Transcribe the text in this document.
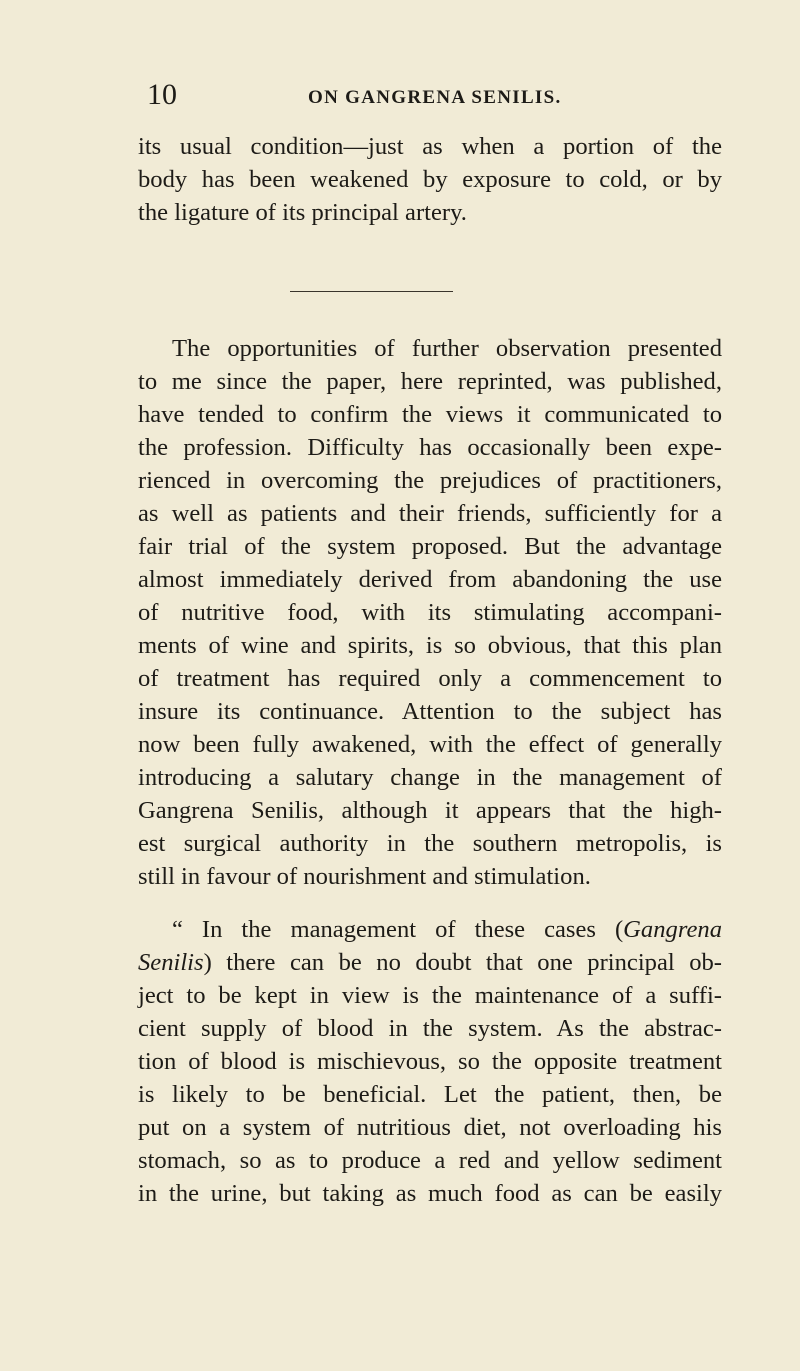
10	ON GANGRENA SENILIS.
its usual condition—just as when a portion of the
body has been weakened by exposure to cold, or by
the ligature of its principal artery.
The opportunities of further observation presented
to me since the paper, here reprinted, was published,
have tended to confirm the views it communicated to
the profession. Difficulty has occasionally been expe-
rienced in overcoming the prejudices of practitioners,
as well as patients and their friends, sufficiently for a
fair trial of the system proposed. But the advantage
almost immediately derived from abandoning the use
of nutritive food, with its stimulating accompani-
ments of wine and spirits, is so obvious, that this plan
of treatment has required only a commencement to
insure its continuance. Attention to the subject has
now been fully awakened, with the effect of generally
introducing a salutary change in the management of
Gangrena Senilis, although it appears that the high-
est surgical authority in the southern metropolis, is
still in favour of nourishment and stimulation.
“ In the management of these cases (Gangrena
Senilis) there can be no doubt that one principal ob-
ject to be kept in view is the maintenance of a suffi-
cient supply of blood in the system. As the abstrac-
tion of blood is mischievous, so the opposite treatment
is likely to be beneficial. Let the patient, then, be
put on a system of nutritious diet, not overloading his
stomach, so as to produce a red and yellow sediment
in the urine, but taking as much food as can be easily
